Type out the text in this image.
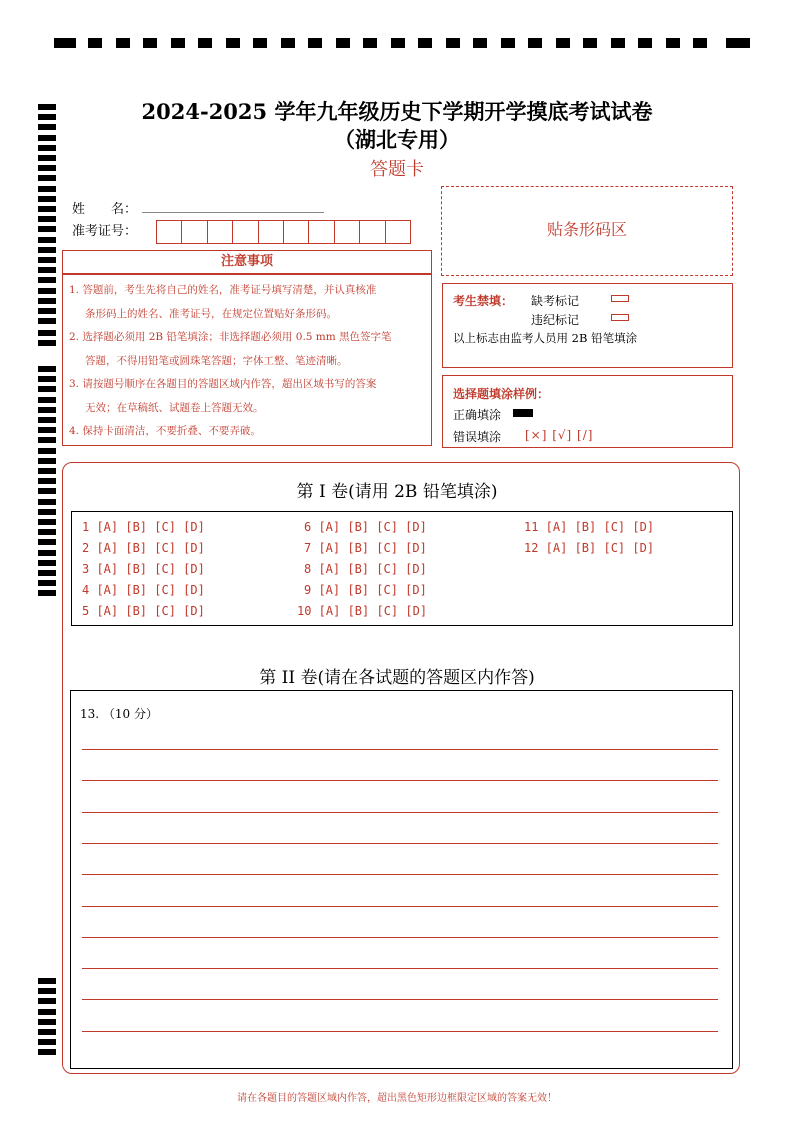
2024-2025 学年九年级历史下学期开学摸底考试试卷
（湖北专用）
答题卡
姓　　名：
准考证号：	贴条形码区
注意事项

1. 答题前，考生先将自己的姓名，准考证号填写清楚，并认真核准

条形码上的姓名、准考证号，在规定位置贴好条形码。

2. 选择题必须用 2B 铅笔填涂；非选择题必须用 0.5 mm 黑色签字笔

答题，不得用铅笔或圆珠笔答题；字体工整、笔迹清晰。

3. 请按题号顺序在各题目的答题区域内作答，超出区域书写的答案

无效；在草稿纸、试题卷上答题无效。

4. 保持卡面清洁，不要折叠、不要弄破。

考生禁填： 缺考标记
违纪标记
以上标志由监考人员用 2B 铅笔填涂
选择题填涂样例：
正确填涂
错误填涂 [×] [√] [/]
第 I 卷(请用 2B 铅笔填涂)
1 [A] [B] [C] [D]
2 [A] [B] [C] [D]
3 [A] [B] [C] [D]
4 [A] [B] [C] [D]
5 [A] [B] [C] [D]
6 [A] [B] [C] [D]
7 [A] [B] [C] [D]
8 [A] [B] [C] [D]
9 [A] [B] [C] [D]
10 [A] [B] [C] [D]
11 [A] [B] [C] [D]
12 [A] [B] [C] [D]
第 II 卷(请在各试题的答题区内作答)
13. （10 分）
请在各题目的答题区域内作答，超出黑色矩形边框限定区域的答案无效！
